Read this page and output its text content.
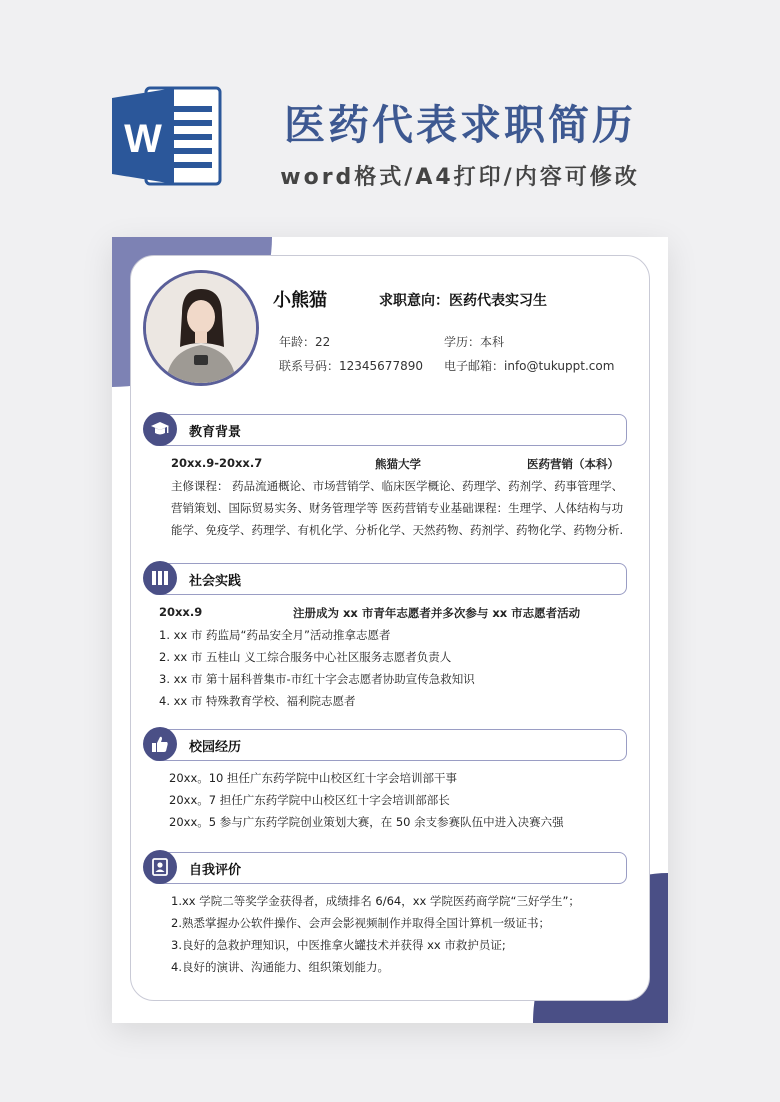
W	医药代表求职简历
word格式/A4打印/内容可修改
小熊猫	求职意向：医药代表实习生
年龄：22	学历：本科
联系号码：12345677890 电子邮箱：info@tukuppt.com
教育背景
20xx.9-20xx.7	熊猫大学	医药营销（本科）
主修课程： 药品流通概论、市场营销学、临床医学概论、药理学、药剂学、药事管理学、
营销策划、国际贸易实务、财务管理学等 医药营销专业基础课程：生理学、人体结构与功
能学、免疫学、药理学、有机化学、分析化学、天然药物、药剂学、药物化学、药物分析.
社会实践
20xx.9	注册成为 xx 市青年志愿者并多次参与 xx 市志愿者活动
1. xx 市 药监局“药品安全月”活动推拿志愿者
2. xx 市 五桂山 义工综合服务中心社区服务志愿者负责人
3. xx 市 第十届科普集市-市红十字会志愿者协助宣传急救知识
4. xx 市 特殊教育学校、福利院志愿者
校园经历
20xx。10 担任广东药学院中山校区红十字会培训部干事
20xx。7 担任广东药学院中山校区红十字会培训部部长
20xx。5 参与广东药学院创业策划大赛，在 50 余支参赛队伍中进入决赛六强
自我评价
1.xx 学院二等奖学金获得者，成绩排名 6/64，xx 学院医药商学院“三好学生”；
2.熟悉掌握办公软件操作、会声会影视频制作并取得全国计算机一级证书；
3.良好的急救护理知识，中医推拿火罐技术并获得 xx 市救护员证;
4.良好的演讲、沟通能力、组织策划能力。
